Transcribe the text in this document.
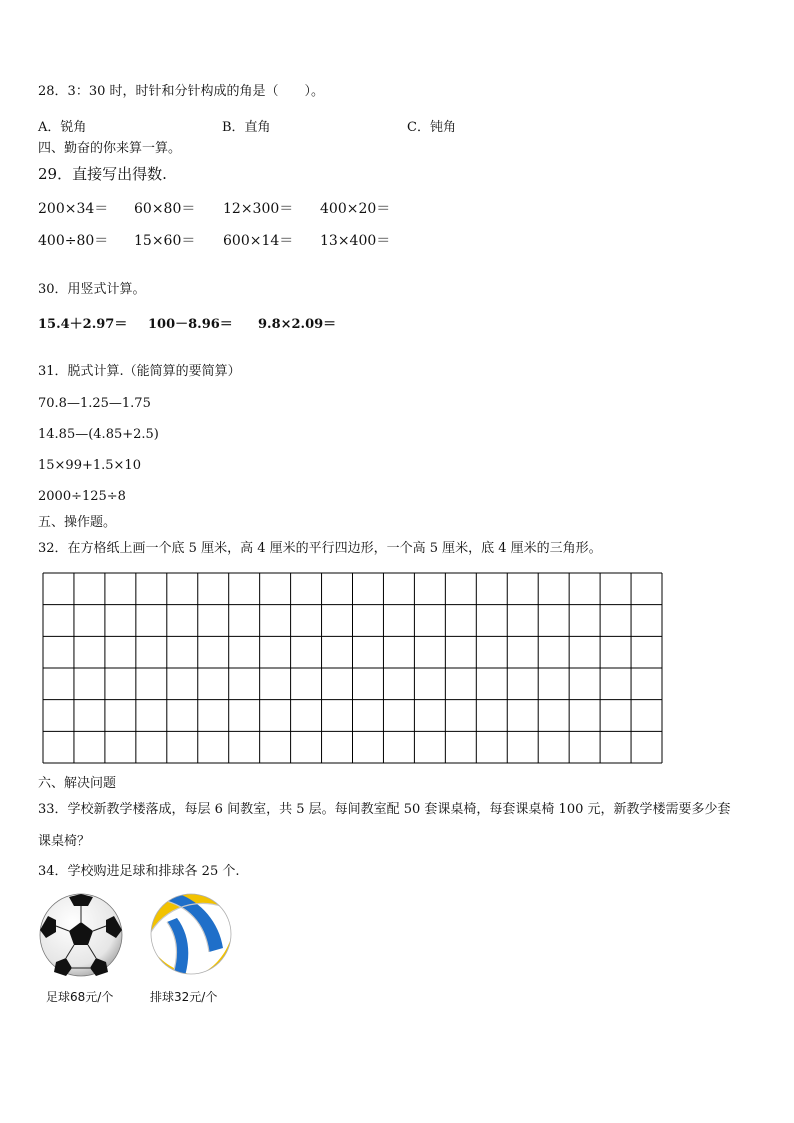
28．3：30 时，时针和分针构成的角是（　　）。
A．锐角	B．直角	C．钝角
四、勤奋的你来算一算。
29．直接写出得数.
200×34＝ 60×80＝ 12×300＝ 400×20＝
400÷80＝ 15×60＝ 600×14＝ 13×400＝
30．用竖式计算。
15.4＋2.97＝ 100－8.96＝ 9.8×2.09＝
31．脱式计算.（能简算的要简算）
70.8—1.25—1.75
14.85—(4.85+2.5)
15×99+1.5×10
2000÷125÷8
五、操作题。
32．在方格纸上画一个底 5 厘米，高 4 厘米的平行四边形，一个高 5 厘米，底 4 厘米的三角形。
六、解决问题
33．学校新教学楼落成，每层 6 间教室，共 5 层。每间教室配 50 套课桌椅，每套课桌椅 100 元，新教学楼需要多少套
课桌椅？
34．学校购进足球和排球各 25 个.
足球68元/个	排球32元/个
